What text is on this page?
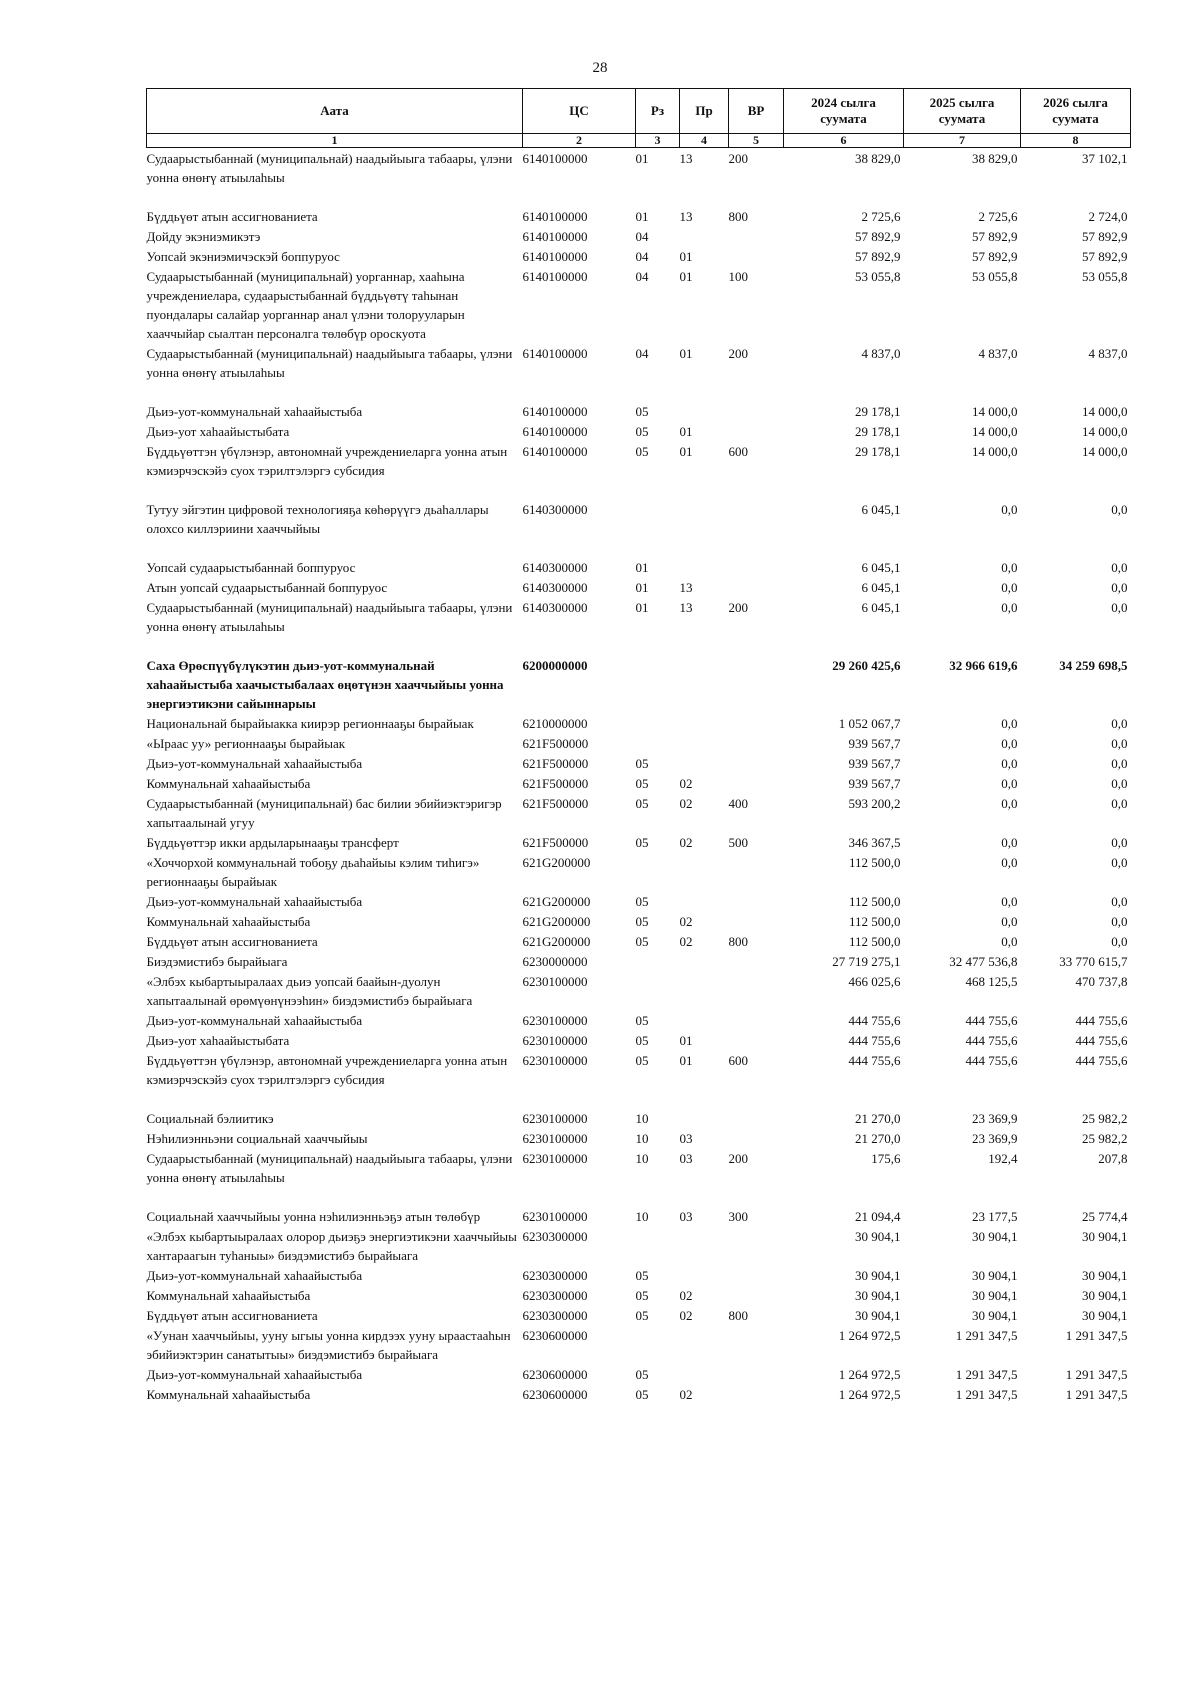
28
Аата	ЦС	Рз	Пр	ВР	2024 сылга суумата	2025 сылга суумата	2026 сылга суумата
1	2	3	4	5	6	7	8
Судаарыстыбаннай (муниципальнай) наадыйыыга табаары, үлэни уонна өнөҥү атыылаһыы	6140100000	01	13	200	38 829,0	38 829,0	37 102,1
Бүддьүөт атын ассигнованиета	6140100000	01	13	800	2 725,6	2 725,6	2 724,0
Дойду экэниэмикэтэ	6140100000	04			57 892,9	57 892,9	57 892,9
Уопсай экэниэмичэскэй боппуруос	6140100000	04	01		57 892,9	57 892,9	57 892,9
Судаарыстыбаннай (муниципальнай) уорганнар, хааһына учреждениелара, судаарыстыбаннай бүддьүөтү таһынан пуондалары салайар уорганнар анал үлэни толорууларын хааччыйар сыалтан персоналга төлөбүр ороскуота	6140100000	04	01	100	53 055,8	53 055,8	53 055,8
Судаарыстыбаннай (муниципальнай) наадыйыыга табаары, үлэни уонна өнөҥү атыылаһыы	6140100000	04	01	200	4 837,0	4 837,0	4 837,0
Дьиэ-уот-коммунальнай хаһаайыстыба	6140100000	05			29 178,1	14 000,0	14 000,0
Дьиэ-уот хаһаайыстыбата	6140100000	05	01		29 178,1	14 000,0	14 000,0
Бүддьүөттэн үбүлэнэр, автономнай учреждениеларга уонна атын кэмиэрчэскэйэ суох тэрилтэлэргэ субсидия	6140100000	05	01	600	29 178,1	14 000,0	14 000,0
Тутуу эйгэтин цифровой технологияҕа көһөрүүгэ дьаһаллары олохсо киллэриини хааччыйыы	6140300000				6 045,1	0,0	0,0
Уопсай судаарыстыбаннай боппуруос	6140300000	01			6 045,1	0,0	0,0
Атын уопсай судаарыстыбаннай боппуруос	6140300000	01	13		6 045,1	0,0	0,0
Судаарыстыбаннай (муниципальнай) наадыйыыга табаары, үлэни уонна өнөҥү атыылаһыы	6140300000	01	13	200	6 045,1	0,0	0,0
Саха Өрөспүүбүлүкэтин дьиэ-уот-коммунальнай хаһаайыстыба хаачыстыбалаах өңөтүнэн хааччыйыы уонна энергиэтикэни сайыннарыы	6200000000				29 260 425,6	32 966 619,6	34 259 698,5
Национальнай бырайыакка киирэр регионнааҕы бырайыак	6210000000				1 052 067,7	0,0	0,0
«Ыраас уу» регионнааҕы бырайыак	621F500000				939 567,7	0,0	0,0
Дьиэ-уот-коммунальнай хаһаайыстыба	621F500000	05			939 567,7	0,0	0,0
Коммунальнай хаһаайыстыба	621F500000	05	02		939 567,7	0,0	0,0
Судаарыстыбаннай (муниципальнай) бас билии эбийиэктэригэр хапытаалынай угуу	621F500000	05	02	400	593 200,2	0,0	0,0
Бүддьүөттэр икки ардыларынааҕы трансферт	621F500000	05	02	500	346 367,5	0,0	0,0
«Хоччорхой коммунальнай тобоҕу дьаһайыы кэлим тиһигэ» регионнааҕы бырайыак	621G200000				112 500,0	0,0	0,0
Дьиэ-уот-коммунальнай хаһаайыстыба	621G200000	05			112 500,0	0,0	0,0
Коммунальнай хаһаайыстыба	621G200000	05	02		112 500,0	0,0	0,0
Бүддьүөт атын ассигнованиета	621G200000	05	02	800	112 500,0	0,0	0,0
Биэдэмистибэ бырайыага	6230000000				27 719 275,1	32 477 536,8	33 770 615,7
«Элбэх кыбартыыралаах дьиэ уопсай баайын-дуолун хапытаалынай өрөмүөнүнээһин» биэдэмистибэ бырайыага	6230100000				466 025,6	468 125,5	470 737,8
Дьиэ-уот-коммунальнай хаһаайыстыба	6230100000	05			444 755,6	444 755,6	444 755,6
Дьиэ-уот хаһаайыстыбата	6230100000	05	01		444 755,6	444 755,6	444 755,6
Бүддьүөттэн үбүлэнэр, автономнай учреждениеларга уонна атын кэмиэрчэскэйэ суох тэрилтэлэргэ субсидия	6230100000	05	01	600	444 755,6	444 755,6	444 755,6
Социальнай бэлиитикэ	6230100000	10			21 270,0	23 369,9	25 982,2
Нэһилиэнньэни социальнай хааччыйыы	6230100000	10	03		21 270,0	23 369,9	25 982,2
Судаарыстыбаннай (муниципальнай) наадыйыыга табаары, үлэни уонна өнөҥү атыылаһыы	6230100000	10	03	200	175,6	192,4	207,8
Социальнай хааччыйыы уонна нэһилиэнньэҕэ атын төлөбүр	6230100000	10	03	300	21 094,4	23 177,5	25 774,4
«Элбэх кыбартыыралаах олорор дьиэҕэ энергиэтикэни хааччыйыы хантараагын туһаныы» биэдэмистибэ бырайыага	6230300000				30 904,1	30 904,1	30 904,1
Дьиэ-уот-коммунальнай хаһаайыстыба	6230300000	05			30 904,1	30 904,1	30 904,1
Коммунальнай хаһаайыстыба	6230300000	05	02		30 904,1	30 904,1	30 904,1
Бүддьүөт атын ассигнованиета	6230300000	05	02	800	30 904,1	30 904,1	30 904,1
«Уунан хааччыйыы, ууну ыгыы уонна кирдээх ууну ыраастааһын эбийиэктэрин санатытыы» биэдэмистибэ бырайыага	6230600000				1 264 972,5	1 291 347,5	1 291 347,5
Дьиэ-уот-коммунальнай хаһаайыстыба	6230600000	05			1 264 972,5	1 291 347,5	1 291 347,5
Коммунальнай хаһаайыстыба	6230600000	05	02		1 264 972,5	1 291 347,5	1 291 347,5
